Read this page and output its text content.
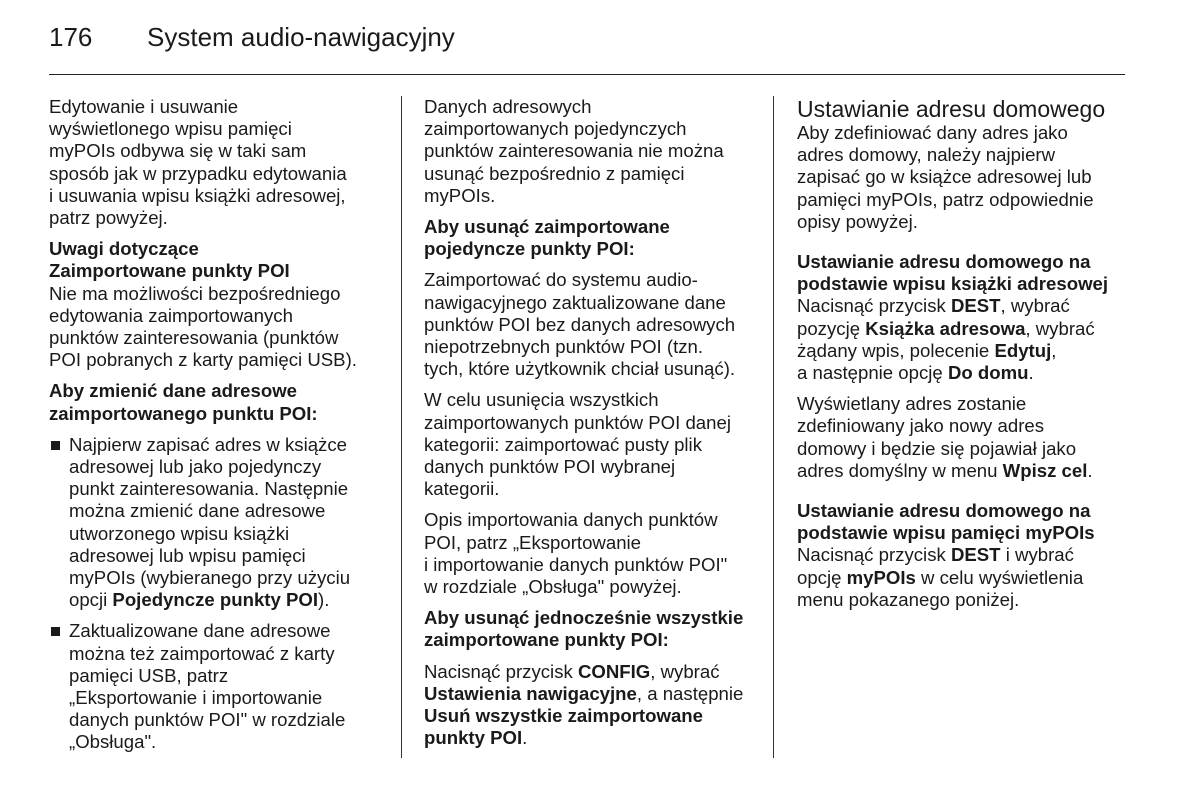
176 System audio-nawigacyjny
Edytowanie i usuwanie
wyświetlonego wpisu pamięci
myPOIs odbywa się w taki sam
sposób jak w przypadku edytowania
i usuwania wpisu książki adresowej,
patrz powyżej.
Uwagi dotyczące
Zaimportowane punkty POI
Nie ma możliwości bezpośredniego
edytowania zaimportowanych
punktów zainteresowania (punktów
POI pobranych z karty pamięci USB).
Aby zmienić dane adresowe
zaimportowanego punktu POI:
Najpierw zapisać adres w książce
adresowej lub jako pojedynczy
punkt zainteresowania. Następnie
można zmienić dane adresowe
utworzonego wpisu książki
adresowej lub wpisu pamięci
myPOIs (wybieranego przy użyciu
opcji Pojedyncze punkty POI).
Zaktualizowane dane adresowe
można też zaimportować z karty
pamięci USB, patrz
„Eksportowanie i importowanie
danych punktów POI" w rozdziale
„Obsługa".
Danych adresowych
zaimportowanych pojedynczych
punktów zainteresowania nie można
usunąć bezpośrednio z pamięci
myPOIs.
Aby usunąć zaimportowane
pojedyncze punkty POI:
Zaimportować do systemu audio-
nawigacyjnego zaktualizowane dane
punktów POI bez danych adresowych
niepotrzebnych punktów POI (tzn.
tych, które użytkownik chciał usunąć).
W celu usunięcia wszystkich
zaimportowanych punktów POI danej
kategorii: zaimportować pusty plik
danych punktów POI wybranej
kategorii.
Opis importowania danych punktów
POI, patrz „Eksportowanie
i importowanie danych punktów POI"
w rozdziale „Obsługa" powyżej.
Aby usunąć jednocześnie wszystkie
zaimportowane punkty POI:
Nacisnąć przycisk CONFIG, wybrać
Ustawienia nawigacyjne, a następnie
Usuń wszystkie zaimportowane
punkty POI.
Ustawianie adresu domowego
Aby zdefiniować dany adres jako
adres domowy, należy najpierw
zapisać go w książce adresowej lub
pamięci myPOIs, patrz odpowiednie
opisy powyżej.
Ustawianie adresu domowego na
podstawie wpisu książki adresowej
Nacisnąć przycisk DEST, wybrać
pozycję Książka adresowa, wybrać
żądany wpis, polecenie Edytuj,
a następnie opcję Do domu.
Wyświetlany adres zostanie
zdefiniowany jako nowy adres
domowy i będzie się pojawiał jako
adres domyślny w menu Wpisz cel.
Ustawianie adresu domowego na
podstawie wpisu pamięci myPOIs
Nacisnąć przycisk DEST i wybrać
opcję myPOIs w celu wyświetlenia
menu pokazanego poniżej.
